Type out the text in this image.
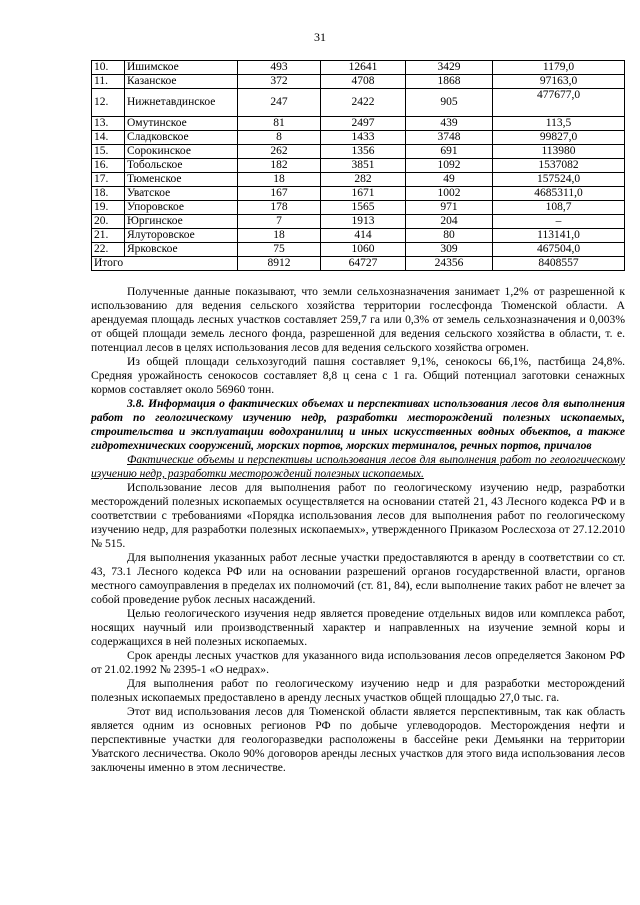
31
10.	Ишимское	493	12641	3429	1179,0
11.	Казанское	372	4708	1868	97163,0
12.	Нижнетавдинское	247	2422	905	477677,0
13.	Омутинское	81	2497	439	113,5
14.	Сладковское	8	1433	3748	99827,0
15.	Сорокинское	262	1356	691	113980
16.	Тобольское	182	3851	1092	1537082
17.	Тюменское	18	282	49	157524,0
18.	Уватское	167	1671	1002	4685311,0
19.	Упоровское	178	1565	971	108,7
20.	Юргинское	7	1913	204	–
21.	Ялуторовское	18	414	80	113141,0
22.	Ярковское	75	1060	309	467504,0
Итого		8912	64727	24356	8408557

Полученные данные показывают, что земли сельхозназначения занимает 1,2% от разрешенной к использованию для ведения сельского хозяйства территории гослесфонда Тюменской области. А арендуемая площадь лесных участков составляет 259,7 га или 0,3% от земель сельхозназначения и 0,003% от общей площади земель лесного фонда, разрешенной для ведения сельского хозяйства в области, т. е. потенциал лесов в целях использования лесов для ведения сельского хозяйства огромен.

Из общей площади сельхозугодий пашня составляет 9,1%, сенокосы 66,1%, пастбища 24,8%. Средняя урожайность сенокосов составляет 8,8 ц сена с 1 га. Общий потенциал заготовки сенажных кормов составляет около 56960 тонн.

3.8. Информация о фактических объемах и перспективах использования лесов для выполнения работ по геологическому изучению недр, разработки месторождений полезных ископаемых, строительства и эксплуатации водохранилищ и иных искусственных водных объектов, а также гидротехнических сооружений, морских портов, морских терминалов, речных портов, причалов

Фактические объемы и перспективы использования лесов для выполнения работ по геологическому изучению недр, разработки месторождений полезных ископаемых.

Использование лесов для выполнения работ по геологическому изучению недр, разработки месторождений полезных ископаемых осуществляется на основании статей 21, 43 Лесного кодекса РФ и в соответствии с требованиями «Порядка использования лесов для выполнения работ по геологическому изучению недр, для разработки полезных ископаемых», утвержденного Приказом Рослесхоза от 27.12.2010 № 515.

Для выполнения указанных работ лесные участки предоставляются в аренду в соответствии со ст. 43, 73.1 Лесного кодекса РФ или на основании разрешений органов государственной власти, органов местного самоуправления в пределах их полномочий (ст. 81, 84), если выполнение таких работ не влечет за собой проведение рубок лесных насаждений.

Целью геологического изучения недр является проведение отдельных видов или комплекса работ, носящих научный или производственный характер и направленных на изучение земной коры и содержащихся в ней полезных ископаемых.

Срок аренды лесных участков для указанного вида использования лесов определяется Законом РФ от 21.02.1992 № 2395-1 «О недрах».

Для выполнения работ по геологическому изучению недр и для разработки месторождений полезных ископаемых предоставлено в аренду лесных участков общей площадью 27,0 тыс. га.

Этот вид использования лесов для Тюменской области является перспективным, так как область является одним из основных регионов РФ по добыче углеводородов. Месторождения нефти и перспективные участки для геологоразведки расположены в бассейне реки Демьянки на территории Уватского лесничества. Около 90% договоров аренды лесных участков для этого вида использования лесов заключены именно в этом лесничестве.
